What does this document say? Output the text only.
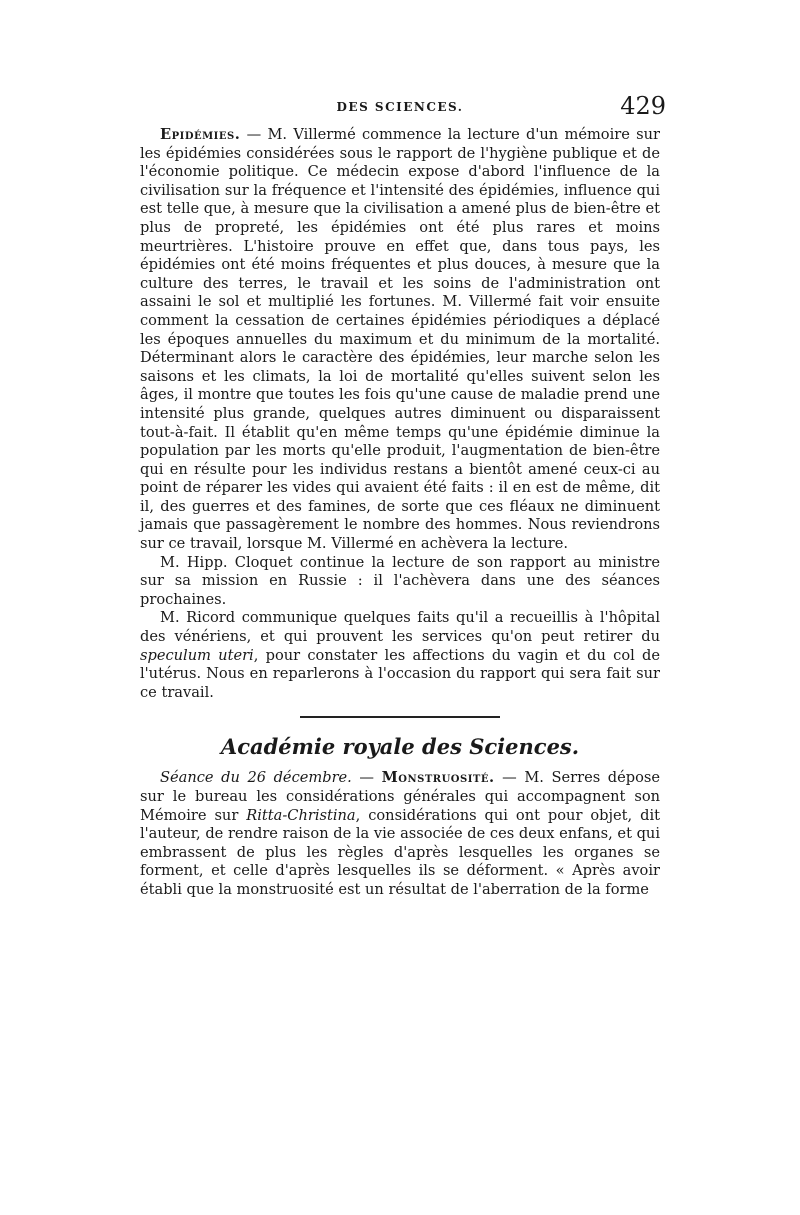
DES SCIENCES.	429

Epidémies. — M. Villermé commence la lecture d'un mémoire sur les épidémies considérées sous le rapport de l'hygiène publique et de l'économie politique. Ce médecin expose d'abord l'influence de la civilisation sur la fréquence et l'intensité des épidémies, influence qui est telle que, à mesure que la civilisation a amené plus de bien-être et plus de propreté, les épidémies ont été plus rares et moins meurtrières. L'histoire prouve en effet que, dans tous pays, les épidémies ont été moins fréquentes et plus douces, à mesure que la culture des terres, le travail et les soins de l'administration ont assaini le sol et multiplié les fortunes. M. Villermé fait voir ensuite comment la cessation de certaines épidémies périodiques a déplacé les époques annuelles du maximum et du minimum de la mortalité. Déterminant alors le caractère des épidémies, leur marche selon les saisons et les climats, la loi de mortalité qu'elles suivent selon les âges, il montre que toutes les fois qu'une cause de maladie prend une intensité plus grande, quelques autres diminuent ou disparaissent tout-à-fait. Il établit qu'en même temps qu'une épidémie diminue la population par les morts qu'elle produit, l'augmentation de bien-être qui en résulte pour les individus restans a bientôt amené ceux-ci au point de réparer les vides qui avaient été faits : il en est de même, dit il, des guerres et des famines, de sorte que ces fléaux ne diminuent jamais que passagèrement le nombre des hommes. Nous reviendrons sur ce travail, lorsque M. Villermé en achèvera la lecture.

M. Hipp. Cloquet continue la lecture de son rapport au ministre sur sa mission en Russie : il l'achèvera dans une des séances prochaines.

M. Ricord communique quelques faits qu'il a recueillis à l'hôpital des vénériens, et qui prouvent les services qu'on peut retirer du speculum uteri, pour constater les affections du vagin et du col de l'utérus. Nous en reparlerons à l'occasion du rapport qui sera fait sur ce travail.

Académie royale des Sciences.

Séance du 26 décembre. — Monstruosité. — M. Serres dépose sur le bureau les considérations générales qui accompagnent son Mémoire sur Ritta-Christina, considérations qui ont pour objet, dit l'auteur, de rendre raison de la vie associée de ces deux enfans, et qui embrassent de plus les règles d'après lesquelles les organes se forment, et celle d'après lesquelles ils se déforment. « Après avoir établi que la monstruosité est un résultat de l'aberration de la forme
